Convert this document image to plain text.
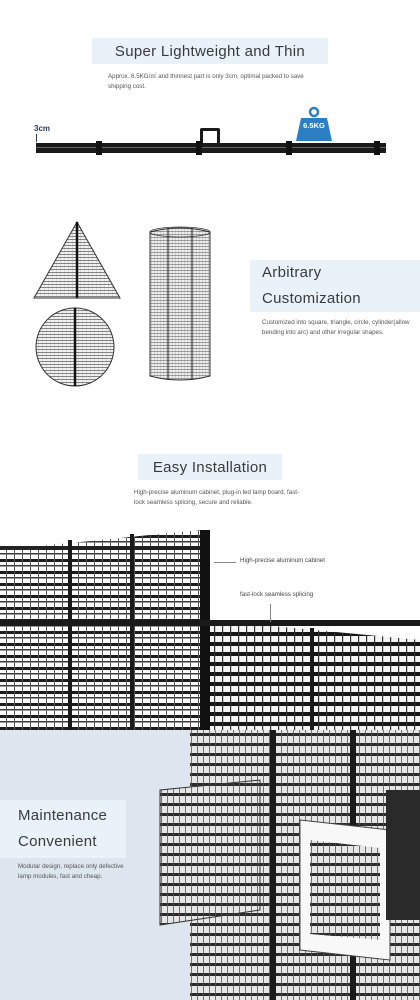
Super Lightweight and Thin
Approx. 6.5KG/㎡ and thinnest part is only 3cm, optimal packed to save shipping cost.
3cm	6.5KG
Arbitrary
Customization
Customized into square, triangle, circle, cylinder(allow bending into arc) and other irregular shapes.
Easy Installation
High-precise aluminum cabinet, plug-in led lamp board, fast-lock seamless splicing, secure and reliable.
High-precise aluminum cabinet
fast-lock seamless splicing
Maintenance
Convenient
Modular design, replace only defective lamp modules, fast and cheap.
